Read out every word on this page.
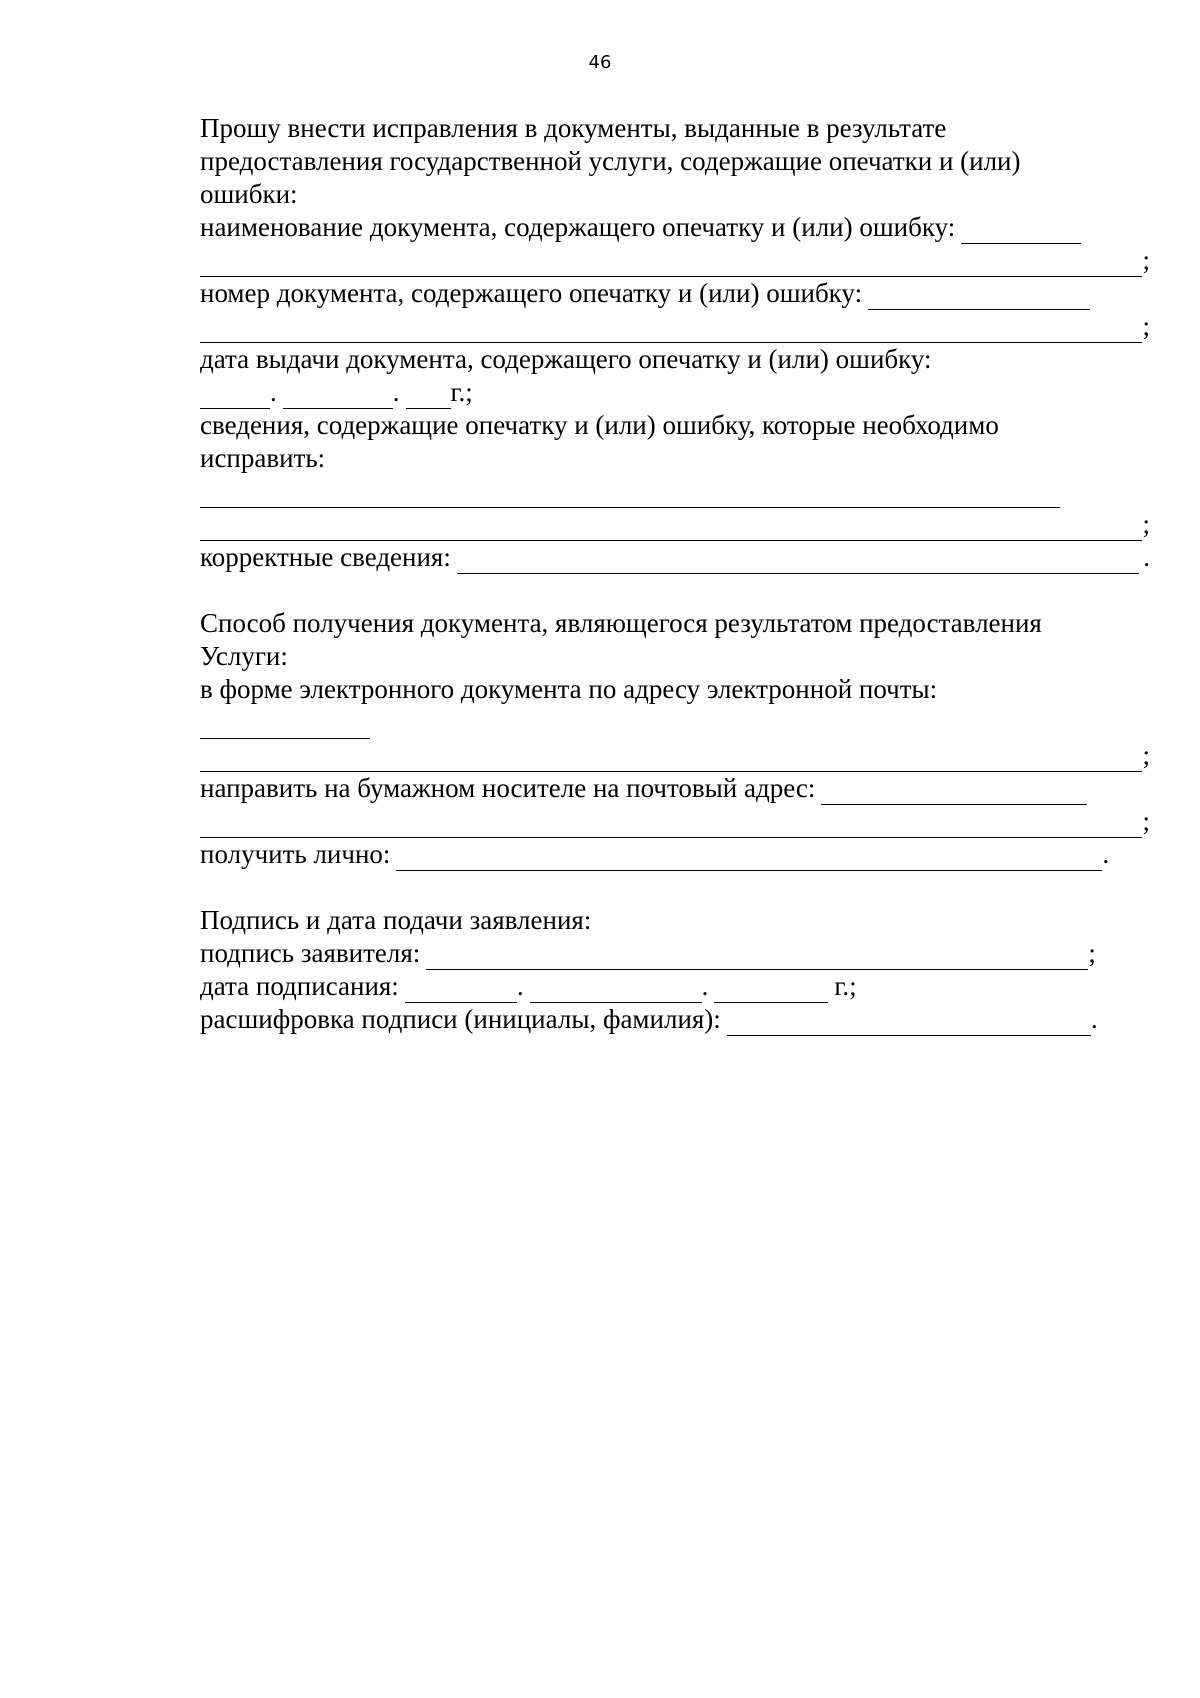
46
Прошу внести исправления в документы, выданные в результате
предоставления государственной услуги, содержащие опечатки и (или)
ошибки:
наименование документа, содержащего опечатку и (или) ошибку:
;
номер документа, содержащего опечатку и (или) ошибку:
;
дата выдачи документа, содержащего опечатку и (или) ошибку:
.	. г.;
сведения, содержащие опечатку и (или) ошибку, которые необходимо
исправить:
;
корректные сведения:	.
Способ получения документа, являющегося результатом предоставления
Услуги:
в форме электронного документа по адресу электронной почты:
;
направить на бумажном носителе на почтовый адрес:
;
получить лично:	.
Подпись и дата подачи заявления:
подпись заявителя:	;
дата подписания:	.	.	г.;
расшифровка подписи (инициалы, фамилия):	.
